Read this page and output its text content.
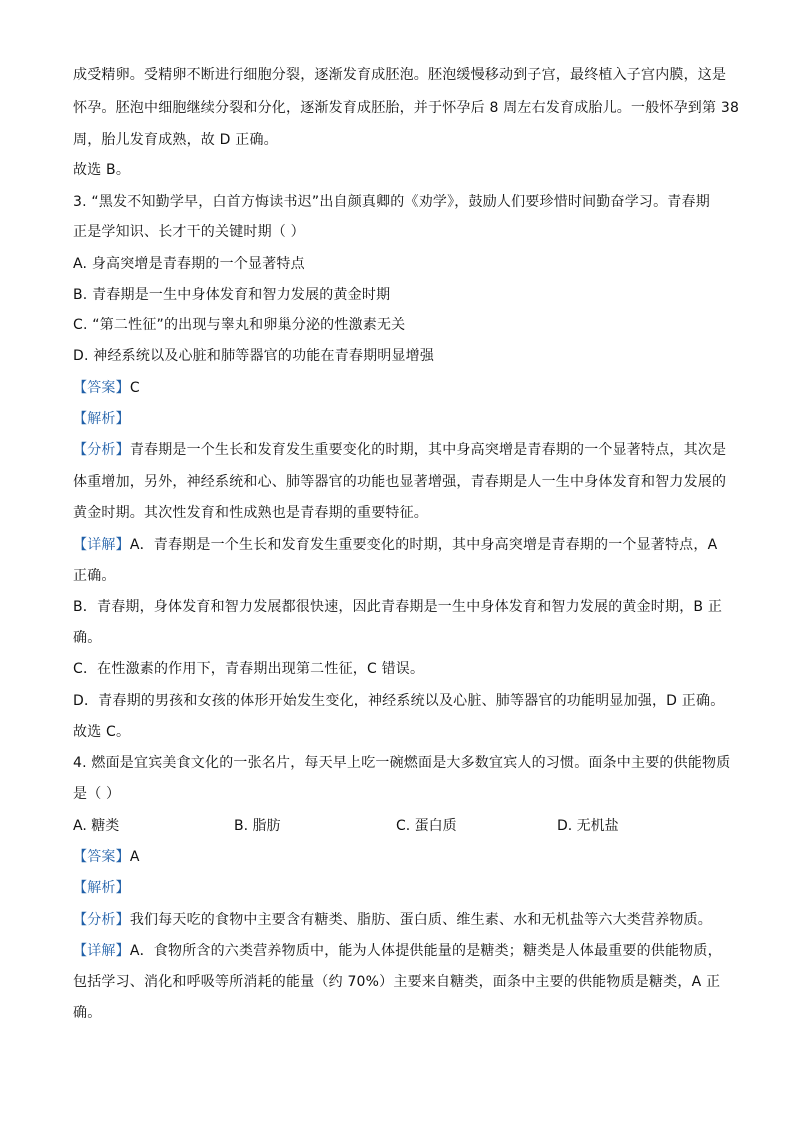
成受精卵。受精卵不断进行细胞分裂，逐渐发育成胚泡。胚泡缓慢移动到子宫，最终植入子宫内膜，这是
怀孕。胚泡中细胞继续分裂和分化，逐渐发育成胚胎，并于怀孕后 8 周左右发育成胎儿。一般怀孕到第 38
周，胎儿发育成熟，故 D 正确。
故选 B。
3. “黑发不知勤学早，白首方悔读书迟”出自颜真卿的《劝学》，鼓励人们要珍惜时间勤奋学习。青春期
正是学知识、长才干的关键时期（ ）
A. 身高突增是青春期的一个显著特点
B. 青春期是一生中身体发育和智力发展的黄金时期
C. “第二性征”的出现与睾丸和卵巢分泌的性激素无关
D. 神经系统以及心脏和肺等器官的功能在青春期明显增强
【答案】C
【解析】
【分析】青春期是一个生长和发育发生重要变化的时期，其中身高突增是青春期的一个显著特点，其次是
体重增加，另外，神经系统和心、肺等器官的功能也显著增强，青春期是人一生中身体发育和智力发展的
黄金时期。其次性发育和性成熟也是青春期的重要特征。
【详解】A．青春期是一个生长和发育发生重要变化的时期，其中身高突增是青春期的一个显著特点，A
正确。
B．青春期，身体发育和智力发展都很快速，因此青春期是一生中身体发育和智力发展的黄金时期，B 正
确。
C．在性激素的作用下，青春期出现第二性征，C 错误。
D．青春期的男孩和女孩的体形开始发生变化，神经系统以及心脏、肺等器官的功能明显加强，D 正确。
故选 C。
4. 燃面是宜宾美食文化的一张名片，每天早上吃一碗燃面是大多数宜宾人的习惯。面条中主要的供能物质
是（ ）
A. 糖类	B. 脂肪	C. 蛋白质	D. 无机盐
【答案】A
【解析】
【分析】我们每天吃的食物中主要含有糖类、脂肪、蛋白质、维生素、水和无机盐等六大类营养物质。
【详解】A．食物所含的六类营养物质中，能为人体提供能量的是糖类；糖类是人体最重要的供能物质，
包括学习、消化和呼吸等所消耗的能量（约 70%）主要来自糖类，面条中主要的供能物质是糖类，A 正
确。
